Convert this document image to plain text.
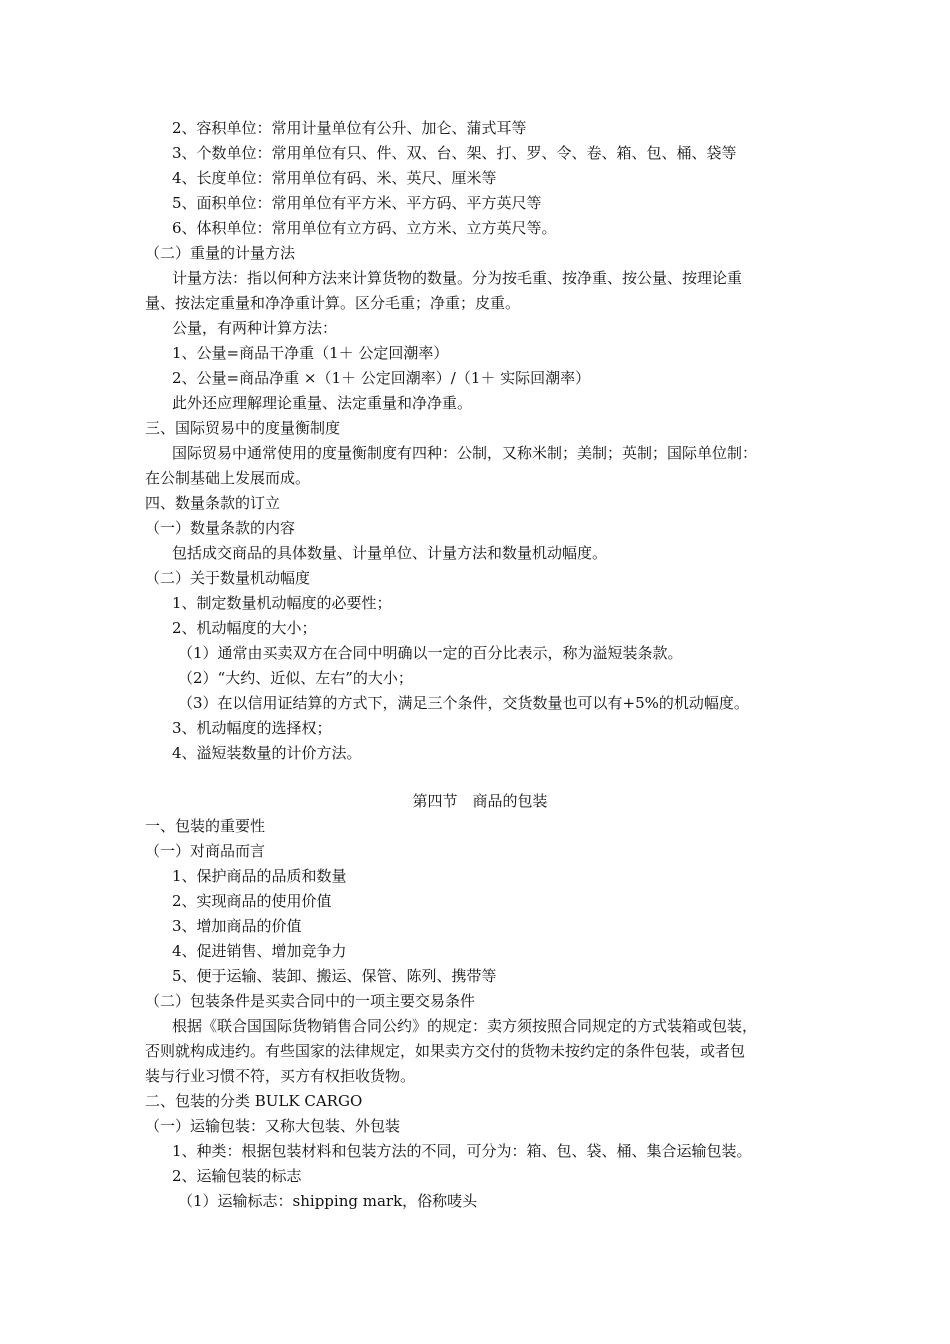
2、容积单位：常用计量单位有公升、加仑、蒲式耳等
3、个数单位：常用单位有只、件、双、台、架、打、罗、令、卷、箱、包、桶、袋等
4、长度单位：常用单位有码、米、英尺、厘米等
5、面积单位：常用单位有平方米、平方码、平方英尺等
6、体积单位：常用单位有立方码、立方米、立方英尺等。
（二）重量的计量方法
计量方法：指以何种方法来计算货物的数量。分为按毛重、按净重、按公量、按理论重
量、按法定重量和净净重计算。区分毛重；净重；皮重。
公量，有两种计算方法：
1、公量=商品干净重（1＋ 公定回潮率）
2、公量=商品净重 ×（1＋ 公定回潮率）/（1＋ 实际回潮率）
此外还应理解理论重量、法定重量和净净重。
三、国际贸易中的度量衡制度
国际贸易中通常使用的度量衡制度有四种：公制，又称米制；美制；英制；国际单位制：
在公制基础上发展而成。
四、数量条款的订立
（一）数量条款的内容
包括成交商品的具体数量、计量单位、计量方法和数量机动幅度。
（二）关于数量机动幅度
1、制定数量机动幅度的必要性；
2、机动幅度的大小；
（1）通常由买卖双方在合同中明确以一定的百分比表示，称为溢短装条款。
（2）“大约、近似、左右”的大小；
（3）在以信用证结算的方式下，满足三个条件，交货数量也可以有+5%的机动幅度。
3、机动幅度的选择权；
4、溢短装数量的计价方法。
第四节　商品的包装
一、包装的重要性
（一）对商品而言
1、保护商品的品质和数量
2、实现商品的使用价值
3、增加商品的价值
4、促进销售、增加竞争力
5、便于运输、装卸、搬运、保管、陈列、携带等
（二）包装条件是买卖合同中的一项主要交易条件
根据《联合国国际货物销售合同公约》的规定：卖方须按照合同规定的方式装箱或包装，
否则就构成违约。有些国家的法律规定，如果卖方交付的货物未按约定的条件包装，或者包
装与行业习惯不符，买方有权拒收货物。
二、包装的分类 BULK CARGO
（一）运输包装：又称大包装、外包装
1、种类：根据包装材料和包装方法的不同，可分为：箱、包、袋、桶、集合运输包装。
2、运输包装的标志
（1）运输标志：shipping mark，俗称唛头
